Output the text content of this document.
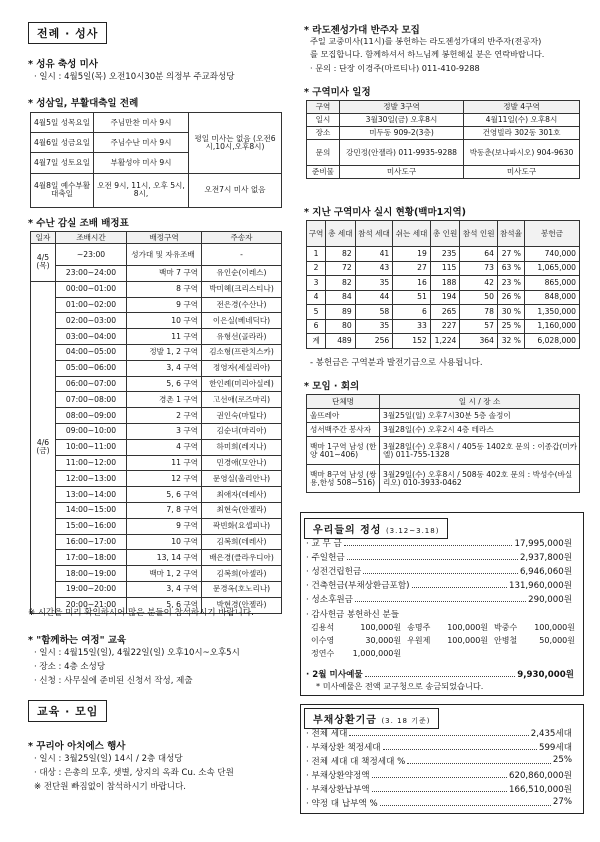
전례 · 성사
* 성유 축성 미사
· 일시 : 4월5일(목) 오전10시30분 의정부 주교좌성당
* 성삼일, 부활대축일 전례
4월5일 성목요일	주님만찬 미사 9시	평일 미사는 없음 (오전6시,10시,오후8시)
4월6일 성금요일	주님수난 미사 9시	
4월7일 성토요일	부활성야 미사 9시	
4월8일 예수부활대축일	오전 9시, 11시, 오후 5시, 8시,	오전7시 미사 없음
* 수난 감실 조배 배정표
일자	조배시간	배정구역	주송자
4/5 (목)	~23:00	성가대 및 자유조배	-
	23:00~24:00	백마 7 구역	유인순(이레스)
4/6 (금)	00:00~01:00	8 구역	박미혜(크리스티나)
	01:00~02:00	9 구역	전은경(수산나)
	02:00~03:00	10 구역	이은실(베네딕다)
	03:00~04:00	11 구역	유형선(골라라)
	04:00~05:00	정발 1, 2 구역	김소형(프란치스카)
	05:00~06:00	3, 4 구역	정영자(세실리아)
	06:00~07:00	5, 6 구역	한인례(미리아실레)
	07:00~08:00	경촌 1 구역	고선애(로즈마리)
	08:00~09:00	2 구역	권인숙(마틸다)
	09:00~10:00	3 구역	김순녀(마리아)
	10:00~11:00	4 구역	하미희(레지나)
	11:00~12:00	11 구역	민경애(모안나)
	12:00~13:00	12 구역	문영실(울리안나)
	13:00~14:00	5, 6 구역	최애자(데레사)
	14:00~15:00	7, 8 구역	최현숙(안젤라)
	15:00~16:00	9 구역	곽빈화(요셉피나)
	16:00~17:00	10 구역	김복희(데레사)
	17:00~18:00	13, 14 구역	배은경(클라우디아)
	18:00~19:00	백마 1, 2 구역	김복희(아셀라)
	19:00~20:00	3, 4 구역	문경옥(호노리나)
	20:00~21:00	5, 6 구역	박현경(안젤라)
※ 시간을 미리 확인하시어 많은 분들이 참석하시기 바랍니다.
* "함께하는 여정" 교육
· 일시 : 4월15일(일), 4월22일(일) 오후10시~오후5시
· 장소 : 4층 소성당
· 신청 : 사무실에 준비된 신청서 작성, 제출
교육 · 모임
* 꾸리아 아치에스 행사
· 일시 : 3월25일(일) 14시 / 2층 대성당
· 대상 : 은총의 모후, 샛별, 상지의 옥좌 Cu. 소속 단원
※ 전단원 빠짐없이 참석하시기 바랍니다.
* 라도젠성가대 반주자 모집
주일 교중미사(11시)를 봉헌하는 라도젠성가대의 반주자(전공자)
를 모집합니다. 함께하셔서 하느님께 봉헌해실 분은 연락바랍니다.
· 문의 : 단장 이경주(마르티나) 011-410-9288
* 구역미사 일정
구역	정발 3구역	정발 4구역
일시	3월30일(금) 오후8시	4월11일(수) 오후8시
장소	미두동 909-2(3층)	건영빌라 302동 301호
문의	강민정(안젤라) 011-9935-9288	박동춘(보나파시오) 904-9630
준비물	미사도구	미사도구
* 지난 구역미사 실시 현황(백마1지역)
구역	총 세대	참석 세대	쉬는 세대	총 인원	참석 인원	참석율	봉헌금
1	82	41	19	235	64	27 %	740,000
2	72	43	27	115	73	63 %	1,065,000
3	82	35	16	188	42	23 %	865,000
4	84	44	51	194	50	26 %	848,000
5	89	58	6	265	78	30 %	1,350,000
6	80	35	33	227	57	25 %	1,160,000
계	489	256	152	1,224	364	32 %	6,028,000
- 봉헌금은 구역분과 발전기금으로 사용됩니다.
* 모임 · 회의
단체명	일 시 / 장 소
울뜨레아	3월25일(일) 오후7시30분 5층 솔정이
성서백주간 봉사자	3월28일(수) 오후2시 4층 테라스
백마 1구역 남성 (한양 401~406)	3월28일(수) 오후8시 / 405동 1402호 문의 : 이종갑(미카엘) 011-755-1328
백마 8구역 남성 (쌍용,한성 508~516)	3월29일(수) 오후8시 / 508동 402호 문의 : 박성수(바실리오) 010-3933-0462
우리들의 정성 (3.12~3.18)
· 교 무 금	17,995,000원
· 주일헌금	2,937,800원
· 성전건립헌금	6,946,060원
· 건축헌금(부채상환금포함)	131,960,000원
· 성소후원금	290,000원
· 감사헌금 봉헌하신 분들
김용석	100,000원	송명주	100,000원	박중수	100,000원
이수영	30,000원	우원제	100,000원	안병철	50,000원
정연수	1,000,000원				
· 2월 미사예물	9,930,000원
* 미사예물은 전액 교구청으로 송금되었습니다.
부채상환기금 (3. 18 기준)
· 전체 세대	2,435세대
· 부채상환 책정세대	599세대
· 전체 세대 대 책정세대 %	25%
· 부채상환약정액	620,860,000원
· 부채상환납부액	166,510,000원
· 약정 대 납부액 %	27%
